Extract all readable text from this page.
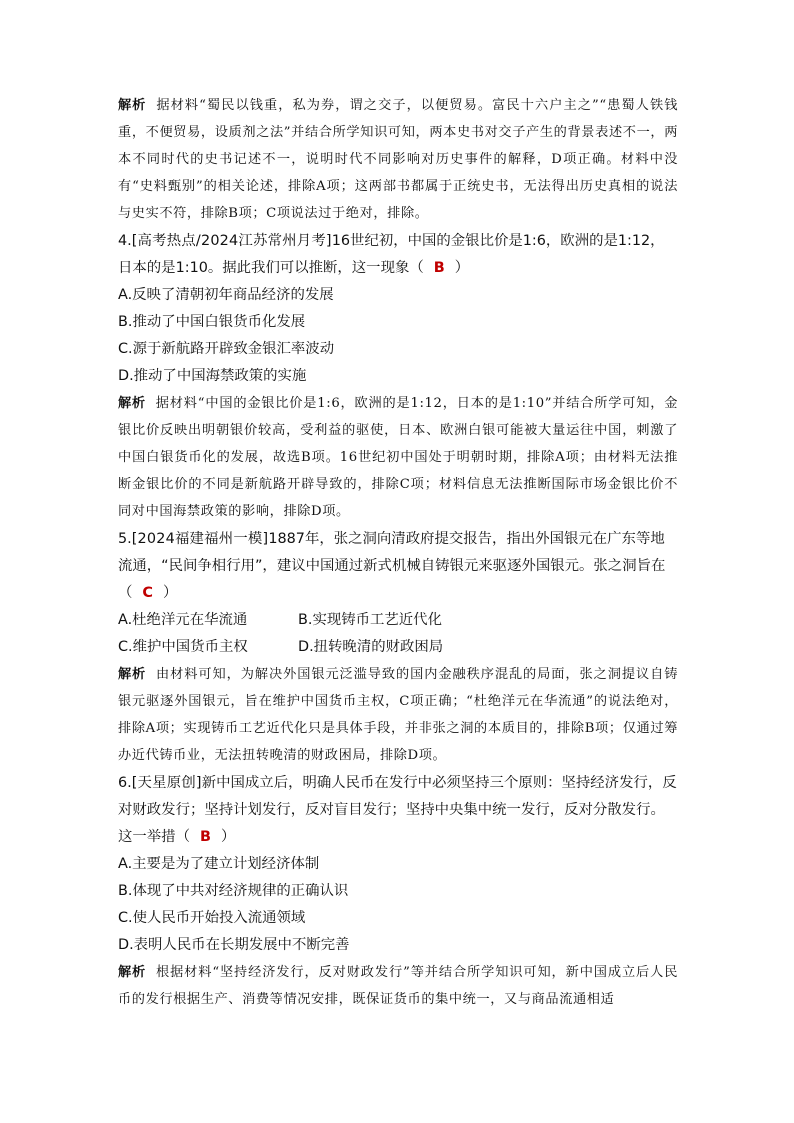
解析 据材料“蜀民以钱重，私为券，谓之交子，以便贸易。富民十六户主之”“患蜀人铁钱重，不便贸易，设质剂之法”并结合所学知识可知，两本史书对交子产生的背景表述不一，两本不同时代的史书记述不一，说明时代不同影响对历史事件的解释，D项正确。材料中没有“史料甄别”的相关论述，排除A项；这两部书都属于正统史书，无法得出历史真相的说法与史实不符，排除B项；C项说法过于绝对，排除。

4.[高考热点/2024江苏常州月考]16世纪初，中国的金银比价是1:6，欧洲的是1:12，日本的是1:10。据此我们可以推断，这一现象（ B ）

A.反映了清朝初年商品经济的发展

B.推动了中国白银货币化发展

C.源于新航路开辟致金银汇率波动

D.推动了中国海禁政策的实施

解析 据材料“中国的金银比价是1:6，欧洲的是1:12，日本的是1:10”并结合所学可知，金银比价反映出明朝银价较高，受利益的驱使，日本、欧洲白银可能被大量运往中国，刺激了中国白银货币化的发展，故选B项。16世纪初中国处于明朝时期，排除A项；由材料无法推断金银比价的不同是新航路开辟导致的，排除C项；材料信息无法推断国际市场金银比价不同对中国海禁政策的影响，排除D项。

5.[2024福建福州一模]1887年，张之洞向清政府提交报告，指出外国银元在广东等地流通，“民间争相行用”，建议中国通过新式机械自铸银元来驱逐外国银元。张之洞旨在
（ C ）

A.杜绝洋元在华流通	B.实现铸币工艺近代化
C.维护中国货币主权	D.扭转晚清的财政困局

解析 由材料可知，为解决外国银元泛滥导致的国内金融秩序混乱的局面，张之洞提议自铸银元驱逐外国银元，旨在维护中国货币主权，C项正确；“杜绝洋元在华流通”的说法绝对，排除A项；实现铸币工艺近代化只是具体手段，并非张之洞的本质目的，排除B项；仅通过筹办近代铸币业，无法扭转晚清的财政困局，排除D项。

6.[天星原创]新中国成立后，明确人民币在发行中必须坚持三个原则：坚持经济发行，反对财政发行；坚持计划发行，反对盲目发行；坚持中央集中统一发行，反对分散发行。这一举措（ B ）

A.主要是为了建立计划经济体制

B.体现了中共对经济规律的正确认识

C.使人民币开始投入流通领域

D.表明人民币在长期发展中不断完善

解析 根据材料“坚持经济发行，反对财政发行”等并结合所学知识可知，新中国成立后人民币的发行根据生产、消费等情况安排，既保证货币的集中统一，又与商品流通相适
